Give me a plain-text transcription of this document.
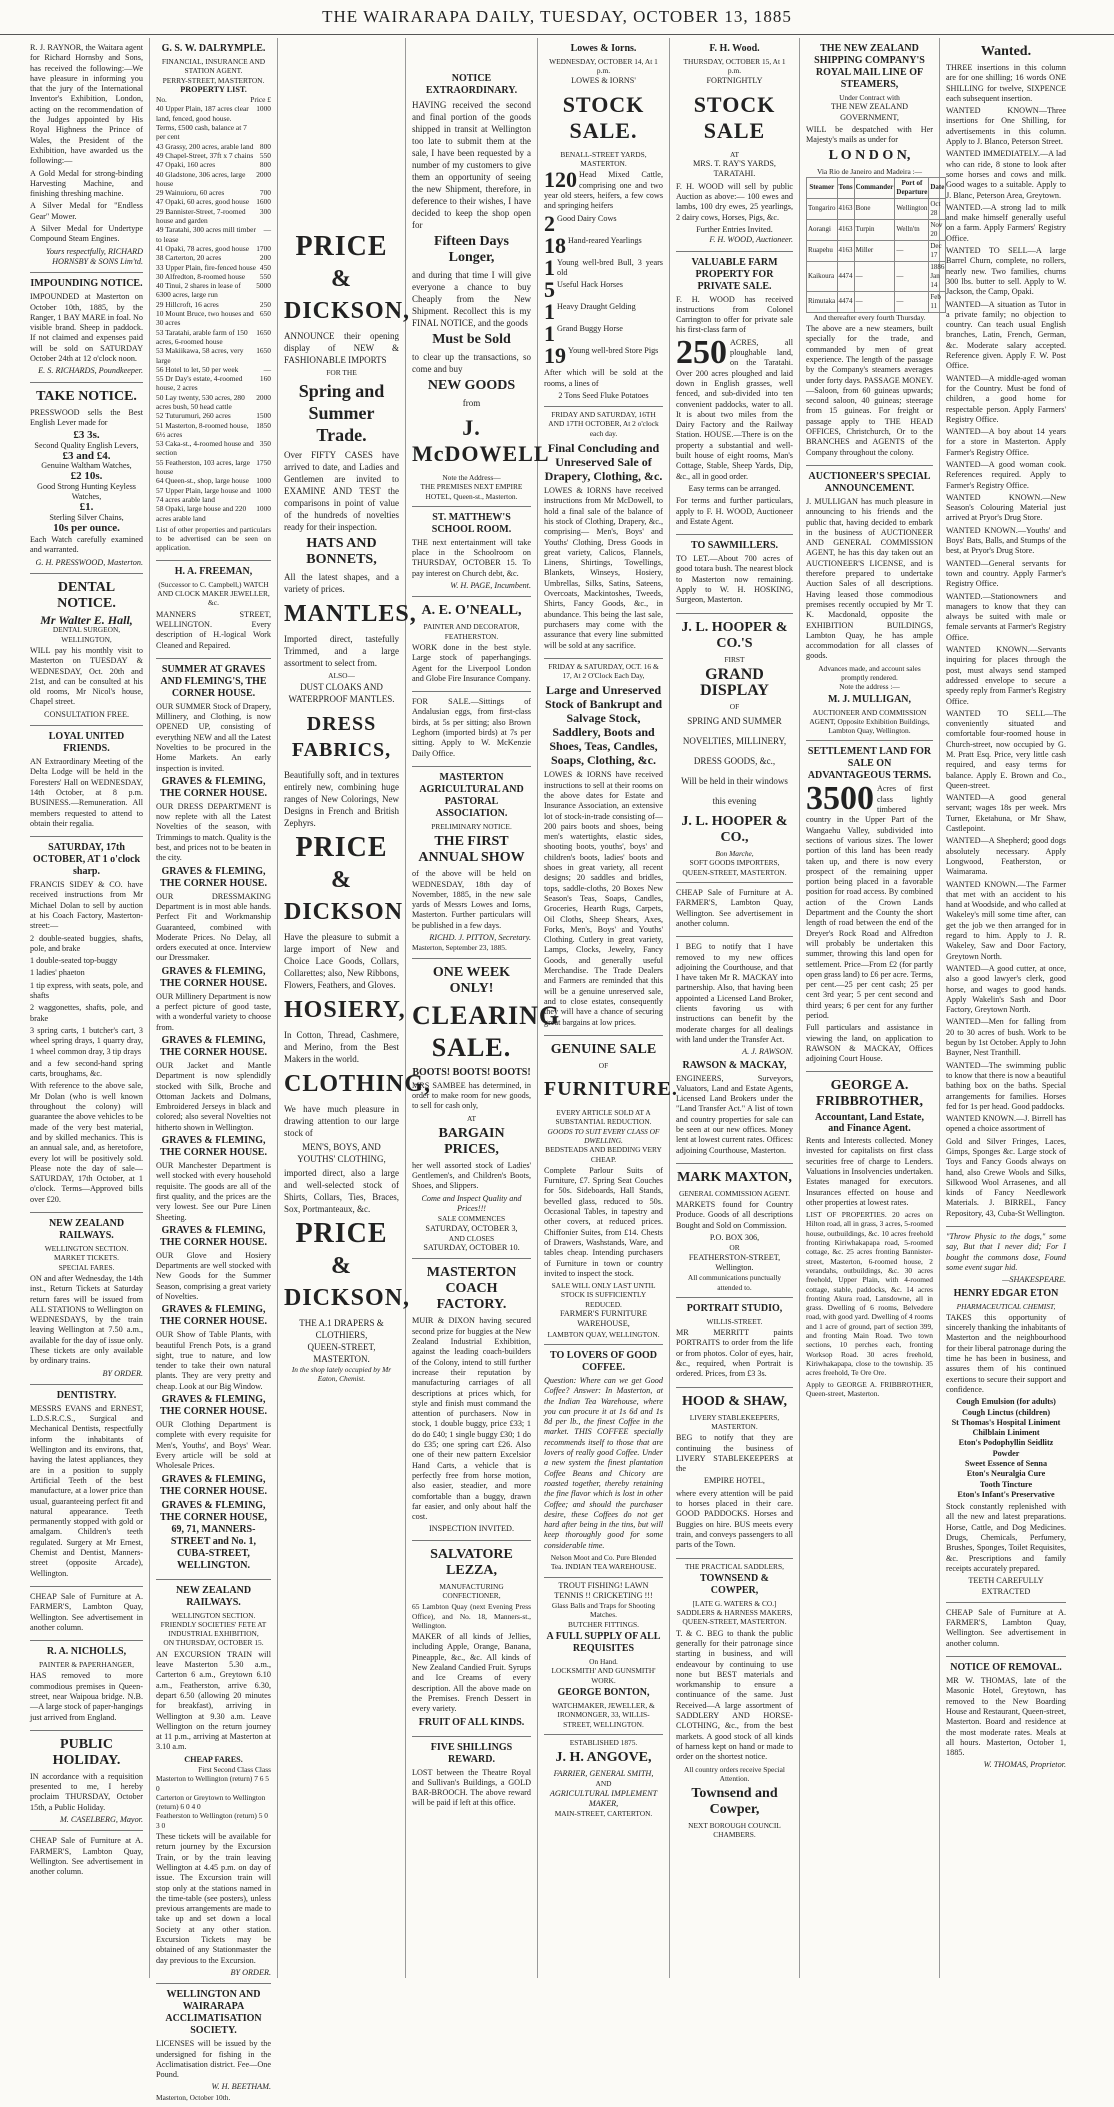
THE WAIRARAPA DAILY, TUESDAY, OCTOBER 13, 1885
R. J. RAYNOR, the Waitara agent for Richard Hornsby and Sons, has received the following:—We have pleasure in informing you that the jury of the International Inventor's Exhibition, London, acting on the recommendation of the Judges appointed by His Royal Highness the Prince of Wales, the President of the Exhibition, have awarded us the following:—
A Gold Medal for strong-binding Harvesting Machine, and finishing threshing machine.
A Silver Medal for "Endless Gear" Mower.
A Silver Medal for Undertype Compound Steam Engines.
Yours respectfully, RICHARD HORNSBY & SONS Lim'td.
IMPOUNDING NOTICE.
IMPOUNDED at Masterton on October 10th, 1885, by the Ranger, 1 BAY MARE in foal. No visible brand. Sheep in paddock. If not claimed and expenses paid will be sold on SATURDAY October 24th at 12 o'clock noon.
E. S. RICHARDS, Poundkeeper.
TAKE NOTICE.
PRESSWOOD sells the Best English Lever made for
£3 3s.
Second Quality English Levers,
£3 and £4.
Genuine Waltham Watches,
£2 10s.
Good Strong Hunting Keyless Watches,
£1.
Sterling Silver Chains,
10s per ounce.
Each Watch carefully examined and warranted.
G. H. PRESSWOOD, Masterton.
DENTAL NOTICE.
Mr Walter E. Hall,
DENTAL SURGEON, WELLINGTON,
WILL pay his monthly visit to Masterton on TUESDAY & WEDNESDAY, Oct. 20th and 21st, and can be consulted at his old rooms, Mr Nicol's house, Chapel street.
CONSULTATION FREE.
LOYAL UNITED FRIENDS.
AN Extraordinary Meeting of the Delta Lodge will be held in the Foresters' Hall on WEDNESDAY, 14th October, at 8 p.m. BUSINESS.—Remuneration. All members requested to attend to obtain their regalia.
SATURDAY, 17th OCTOBER, AT 1 o'clock sharp.
FRANCIS SIDEY & CO. have received instructions from Mr Michael Dolan to sell by auction at his Coach Factory, Masterton-street:—
2 double-seated buggies, shafts, pole, and brake
1 double-seated top-buggy
1 ladies' phaeton
1 tip express, with seats, pole, and shafts
2 waggonettes, shafts, pole, and brake
3 spring carts, 1 butcher's cart, 3 wheel spring drays, 1 quarry dray, 1 wheel common dray, 3 tip drays
and a few second-hand spring carts, broughams, &c.
With reference to the above sale, Mr Dolan (who is well known throughout the colony) will guarantee the above vehicles to be made of the very best material, and by skilled mechanics. This is an annual sale, and, as heretofore, every lot will be positively sold. Please note the day of sale—SATURDAY, 17th October, at 1 o'clock. Terms—Approved bills over £20.
NEW ZEALAND RAILWAYS.
WELLINGTON SECTION.
MARKET TICKETS.
SPECIAL FARES.
ON and after Wednesday, the 14th inst., Return Tickets at Saturday return fares will be issued from ALL STATIONS to Wellington on WEDNESDAYS, by the train leaving Wellington at 7.50 a.m., available for the day of issue only. These tickets are only available by ordinary trains.
BY ORDER.
DENTISTRY.
MESSRS EVANS and ERNEST, L.D.S.R.C.S., Surgical and Mechanical Dentists, respectfully inform the inhabitants of Wellington and its environs, that, having the latest appliances, they are in a position to supply Artificial Teeth of the best manufacture, at a lower price than usual, guaranteeing perfect fit and natural appearance. Teeth permanently stopped with gold or amalgam. Children's teeth regulated. Surgery at Mr Ernest, Chemist and Dentist, Manners-street (opposite Arcade), Wellington.
CHEAP Sale of Furniture at A. FARMER'S, Lambton Quay, Wellington. See advertisement in another column.
R. A. NICHOLLS,
PAINTER & PAPERHANGER,
HAS removed to more commodious premises in Queen-street, near Waipoua bridge. N.B.—A large stock of paper-hangings just arrived from England.
PUBLIC HOLIDAY.
IN accordance with a requisition presented to me, I hereby proclaim THURSDAY, October 15th, a Public Holiday.
M. CASELBERG, Mayor.
CHEAP Sale of Furniture at A. FARMER'S, Lambton Quay, Wellington. See advertisement in another column.
G. S. W. DALRYMPLE.
FINANCIAL, INSURANCE AND STATION AGENT.
PERRY-STREET, MASTERTON.
PROPERTY LIST.
No.	Price £
40 Upper Plain, 187 acres clear land, fenced, good house. Terms, £500 cash, balance at 7 per cent
1000
43 Grassy, 200 acres, arable land 800
49 Chapel-Street, 37ft x 7 chains 550
47 Opaki, 160 acres	800
40 Gladstone, 306 acres, large house
2000
29 Wainuioru, 60 acres	700
47 Opaki, 60 acres, good house 1600
29 Bannister-Street, 7-roomed house and garden
300
49 Taratahi, 300 acres mill timber to lease
—
41 Opaki, 78 acres, good house 1700
38 Carterton, 20 acres	200
33 Upper Plain, fire-fenced house 450
30 Alfredton, 8-roomed house	550
40 Tinui, 2 shares in lease of 6300 acres, large run
5000
29 Hillcroft, 16 acres	250
10 Mount Bruce, two houses and 30 acres
650
53 Taratahi, arable farm of 150 acres, 6-roomed house
1650
53 Makiikawa, 58 acres, very large
1650
56 Hotel to let, 50 per week	—
55 Dr Day's estate, 4-roomed house, 2 acres
160
50 Lay twenty, 530 acres, 280 acres bush, 50 head cattle
2000
52 Tuturumuri, 260 acres	1500
51 Masterton, 8-roomed house, 6½ acres
1850
53 Caka-st., 4-roomed house and section
350
55 Featherston, 103 acres, large house
1750
64 Queen-st., shop, large house 1000
57 Upper Plain, large house and 74 acres arable land
1000
58 Opaki, large house and 220 acres arable land
1000
List of other properties and particulars to be advertised can be seen on application.
H. A. FREEMAN,
(Successor to C. Campbell,) WATCH AND CLOCK MAKER JEWELLER, &c.
MANNERS STREET, WELLINGTON. Every description of H.-logical Work Cleaned and Repaired.
SUMMER AT GRAVES AND FLEMING'S, THE CORNER HOUSE.
OUR SUMMER Stock of Drapery, Millinery, and Clothing, is now OPENED UP, consisting of everything NEW and all the Latest Novelties to be procured in the Home Markets. An early inspection is invited.
GRAVES & FLEMING, THE CORNER HOUSE.
OUR DRESS DEPARTMENT is now replete with all the Latest Novelties of the season, with Trimmings to match. Quality is the best, and prices not to be beaten in the city.
GRAVES & FLEMING, THE CORNER HOUSE.
OUR DRESSMAKING Department is in most able hands. Perfect Fit and Workmanship Guaranteed, combined with Moderate Prices. No Delay, all orders executed at once. Interview our Dressmaker.
GRAVES & FLEMING, THE CORNER HOUSE.
OUR Millinery Department is now a perfect picture of good taste, with a wonderful variety to choose from.
GRAVES & FLEMING, THE CORNER HOUSE.
OUR Jacket and Mantle Department is now splendidly stocked with Silk, Broche and Ottoman Jackets and Dolmans, Embroidered Jerseys in black and colored; also several Novelties not hitherto shown in Wellington.
GRAVES & FLEMING, THE CORNER HOUSE.
OUR Manchester Department is well stocked with every household requisite. The goods are all of the first quality, and the prices are the very lowest. See our Pure Linen Sheeting.
GRAVES & FLEMING, THE CORNER HOUSE.
OUR Glove and Hosiery Departments are well stocked with New Goods for the Summer Season, comprising a great variety of Novelties.
GRAVES & FLEMING, THE CORNER HOUSE.
OUR Show of Table Plants, with beautiful French Pots, is a grand sight, true to nature, and low tender to take their own natural plants. They are very pretty and cheap. Look at our Big Window.
GRAVES & FLEMING, THE CORNER HOUSE.
OUR Clothing Department is complete with every requisite for Men's, Youths', and Boys' Wear. Every article will be sold at Wholesale Prices.
GRAVES & FLEMING, THE CORNER HOUSE.
GRAVES & FLEMING, THE CORNER HOUSE, 69, 71, MANNERS-STREET and No. 1, CUBA-STREET, WELLINGTON.
NEW ZEALAND RAILWAYS.
WELLINGTON SECTION.
FRIENDLY SOCIETIES' FETE AT INDUSTRIAL EXHIBITION,
ON THURSDAY, OCTOBER 15.
AN EXCURSION TRAIN will leave Masterton 5.30 a.m., Carterton 6 a.m., Greytown 6.10 a.m., Featherston, arrive 6.30, depart 6.50 (allowing 20 minutes for breakfast), arriving in Wellington at 9.30 a.m. Leave Wellington on the return journey at 11 p.m., arriving at Masterton at 3.10 a.m.
CHEAP FARES.
First Second Class Class
Masterton to Wellington (return) 7 6 5 0
Carterton or Greytown to Wellington (return) 6 0 4 0
Featherston to Wellington (return) 5 0 3 0
These tickets will be available for return journey by the Excursion Train, or by the train leaving Wellington at 4.45 p.m. on day of issue. The Excursion train will stop only at the stations named in the time-table (see posters), unless previous arrangements are made to take up and set down a local Society at any other station. Excursion Tickets may be obtained of any Stationmaster the day previous to the Excursion.
BY ORDER.
WELLINGTON AND WAIRARAPA ACCLIMATISATION SOCIETY.
LICENSES will be issued by the undersigned for fishing in the Acclimatisation district. Fee—One Pound.
W. H. BEETHAM.
Masterton, October 10th.
PRICE
&
DICKSON,
ANNOUNCE their opening display of NEW & FASHIONABLE IMPORTS
FOR THE
Spring and Summer Trade.
Over FIFTY CASES have arrived to date, and Ladies and Gentlemen are invited to EXAMINE AND TEST the comparisons in point of value of the hundreds of novelties ready for their inspection.
HATS AND BONNETS,
All the latest shapes, and a variety of prices.
MANTLES,
Imported direct, tastefully Trimmed, and a large assortment to select from.
ALSO—
DUST CLOAKS AND WATERPROOF MANTLES.
DRESS FABRICS,
Beautifully soft, and in textures entirely new, combining huge ranges of New Colorings, New Designs in French and British Zephyrs.
PRICE
&
DICKSON
Have the pleasure to submit a large import of New and Choice Lace Goods, Collars, Collarettes; also, New Ribbons, Flowers, Feathers, and Gloves.
HOSIERY,
In Cotton, Thread, Cashmere, and Merino, from the Best Makers in the world.
CLOTHING,
We have much pleasure in drawing attention to our large stock of
MEN'S, BOYS, AND YOUTHS' CLOTHING,
imported direct, also a large and well-selected stock of Shirts, Collars, Ties, Braces, Sox, Portmanteaux, &c.
PRICE
&
DICKSON,
THE A.1 DRAPERS & CLOTHIERS,
QUEEN-STREET, MASTERTON.
In the shop lately occupied by Mr Eaton, Chemist.
NOTICE EXTRAORDINARY.
HAVING received the second and final portion of the goods shipped in transit at Wellington too late to submit them at the sale, I have been requested by a number of my customers to give them an opportunity of seeing the new Shipment, therefore, in deference to their wishes, I have decided to keep the shop open for
Fifteen Days Longer,
and during that time I will give everyone a chance to buy Cheaply from the New Shipment. Recollect this is my FINAL NOTICE, and the goods
Must be Sold
to clear up the transactions, so come and buy
NEW GOODS
from
J. McDOWELL
Note the Address—
THE PREMISES NEXT EMPIRE HOTEL, Queen-st., Masterton.
ST. MATTHEW'S SCHOOL ROOM.
THE next entertainment will take place in the Schoolroom on THURSDAY, OCTOBER 15. To pay interest on Church debt, &c.
W. H. PAGE, Incumbent.
A. E. O'NEALL,
PAINTER AND DECORATOR, FEATHERSTON.
WORK done in the best style. Large stock of paperhangings. Agent for the Liverpool London and Globe Fire Insurance Company.
FOR SALE.—Sittings of Andalusian eggs, from first-class birds, at 5s per sitting; also Brown Leghorn (imported birds) at 7s per sitting. Apply to W. McKenzie Daily Office.
MASTERTON AGRICULTURAL AND PASTORAL ASSOCIATION.
PRELIMINARY NOTICE.
THE FIRST ANNUAL SHOW
of the above will be held on WEDNESDAY, 18th day of November, 1885, in the new sale yards of Messrs Lowes and Iorns, Masterton. Further particulars will be published in a few days.
RICHD. J. PITTON, Secretary.
Masterton, September 23, 1885.
ONE WEEK ONLY!
CLEARING
SALE.
BOOTS! BOOTS! BOOTS!
MRS SAMBEE has determined, in order to make room for new goods, to sell for cash only,
AT
BARGAIN PRICES,
her well assorted stock of Ladies' Gentlemen's, and Children's Boots, Shoes, and Slippers.
Come and Inspect Quality and Prices!!!
SALE COMMENCES
SATURDAY, OCTOBER 3,
AND CLOSES
SATURDAY, OCTOBER 10.
MASTERTON COACH FACTORY.
MUIR & DIXON having secured second prize for buggies at the New Zealand Industrial Exhibition, against the leading coach-builders of the Colony, intend to still further increase their reputation by manufacturing carriages of all descriptions at prices which, for style and finish must command the attention of purchasers. Now in stock, 1 double buggy, price £33; 1 do do £40; 1 single buggy £30; 1 do do £35; one spring cart £26. Also one of their new pattern Excelsior Hand Carts, a vehicle that is perfectly free from horse motion, also easier, steadier, and more comfortable than a buggy, drawn far easier, and only about half the cost.
INSPECTION INVITED.
SALVATORE LEZZA,
MANUFACTURING CONFECTIONER,
65 Lambton Quay (next Evening Press Office), and No. 18, Manners-st., Wellington.
MAKER of all kinds of Jellies, including Apple, Orange, Banana, Pineapple, &c., &c. All kinds of New Zealand Candied Fruit. Syrups and Ice Creams of every description. All the above made on the Premises. French Dessert in every variety.
FRUIT OF ALL KINDS.
FIVE SHILLINGS REWARD.
LOST between the Theatre Royal and Sullivan's Buildings, a GOLD BAR-BROOCH. The above reward will be paid if left at this office.
Lowes & Iorns.
WEDNESDAY, OCTOBER 14, At 1 p.m.
LOWES & IORNS'
STOCK SALE.
BENALL-STREET YARDS, MASTERTON.
120 Head Mixed Cattle, comprising one and two year old steers, heifers, a few cows and springing heifers
2 Good Dairy Cows
18 Hand-reared Yearlings
1 Young well-bred Bull, 3 years old
5 Useful Hack Horses
1 Heavy Draught Gelding
1 Grand Buggy Horse
19 Young well-bred Store Pigs
After which will be sold at the rooms, a lines of
2 Tons Seed Fluke Potatoes
FRIDAY AND SATURDAY, 16TH AND 17TH OCTOBER, At 2 o'clock each day.
Final Concluding and Unreserved Sale of Drapery, Clothing, &c.
LOWES & IORNS have received instructions from Mr McDowell, to hold a final sale of the balance of his stock of Clothing, Drapery, &c., comprising— Men's, Boys' and Youths' Clothing, Dress Goods in great variety, Calicos, Flannels, Linens, Shirtings, Towellings, Blankets, Winseys, Hosiery, Umbrellas, Silks, Satins, Sateens, Overcoats, Mackintoshes, Tweeds, Shirts, Fancy Goods, &c., in abundance. This being the last sale, purchasers may come with the assurance that every line submitted will be sold at any sacrifice.
FRIDAY & SATURDAY, OCT. 16 & 17, At 2 O'Clock Each Day,
Large and Unreserved Stock of Bankrupt and Salvage Stock, Saddlery, Boots and Shoes, Teas, Candles, Soaps, Clothing, &c.
LOWES & IORNS have received instructions to sell at their rooms on the above dates for Estate and Insurance Association, an extensive lot of stock-in-trade consisting of— 200 pairs boots and shoes, being men's watertights, elastic sides, shooting boots, youths', boys' and children's boots, ladies' boots and shoes in great variety, all recent designs; 20 saddles and bridles, tops, saddle-cloths, 20 Boxes New Season's Teas, Soaps, Candles, Groceries, Hearth Rugs, Carpets, Oil Cloths, Sheep Shears, Axes, Forks, Men's, Boys' and Youths' Clothing. Cutlery in great variety, Lamps, Clocks, Jewelry, Fancy Goods, and generally useful Merchandise. The Trade Dealers and Farmers are reminded that this will be a genuine unreserved sale, and to close estates, consequently they will have a chance of securing great bargains at low prices.
GENUINE SALE
OF
FURNITURE.
EVERY ARTICLE SOLD AT A SUBSTANTIAL REDUCTION.
GOODS TO SUIT EVERY CLASS OF DWELLING.
BEDSTEADS AND BEDDING VERY CHEAP.
Complete Parlour Suits of Furniture, £7. Spring Seat Couches for 50s. Sideboards, Hall Stands, bevelled glass, reduced to 50s. Occasional Tables, in tapestry and other covers, at reduced prices. Chiffonier Suites, from £14. Chests of Drawers, Washstands, Ware, and tables cheap. Intending purchasers of Furniture in town or country invited to inspect the stock.
SALE WILL ONLY LAST UNTIL STOCK IS SUFFICIENTLY REDUCED.
FARMER'S FURNITURE WAREHOUSE,
LAMBTON QUAY, WELLINGTON.
TO LOVERS OF GOOD COFFEE.
Question: Where can we get Good Coffee? Answer: In Masterton, at the Indian Tea Warehouse, where you can procure it at 1s 6d and 1s 8d per lb., the finest Coffee in the market. THIS COFFEE specially recommends itself to those that are lovers of really good Coffee. Under a new system the finest plantation Coffee Beans and Chicory are roasted together, thereby retaining the fine flavor which is lost in other Coffee; and should the purchaser desire, these Coffees do not get hard after being in the tins, but will keep thoroughly good for some considerable time.
Nelson Moot and Co. Pure Blended Tea. INDIAN TEA WAREHOUSE.
TROUT FISHING! LAWN TENNIS !! CRICKETING !!!
Glass Balls and Traps for Shooting Matches.
BUTCHER FITTINGS.
A FULL SUPPLY OF ALL REQUISITES
On Hand.
LOCKSMITH' AND GUNSMITH' WORK.
GEORGE BONTON,
WATCHMAKER, JEWELLER, & IRONMONGER, 33, WILLIS-STREET, WELLINGTON.
ESTABLISHED 1875.
J. H. ANGOVE,
FARRIER, GENERAL SMITH,
AND
AGRICULTURAL IMPLEMENT MAKER,
MAIN-STREET, CARTERTON.
F. H. Wood.
THURSDAY, OCTOBER 15, At 1 p.m.
FORTNIGHTLY
STOCK SALE
AT
MRS. T. RAY'S YARDS, TARATAHI.
F. H. WOOD will sell by public Auction as above:— 100 ewes and lambs, 100 dry ewes, 25 yearlings, 2 dairy cows, Horses, Pigs, &c.
Further Entries Invited.
F. H. WOOD, Auctioneer.
VALUABLE FARM PROPERTY FOR PRIVATE SALE.
F. H. WOOD has received instructions from Colonel Carrington to offer for private sale his first-class farm of
250 ACRES, all ploughable land, on the Taratahi. Over 200 acres ploughed and laid down in English grasses, well fenced, and sub-divided into ten convenient paddocks, water to all. It is about two miles from the Dairy Factory and the Railway Station. HOUSE.—There is on the property a substantial and well-built house of eight rooms, Man's Cottage, Stable, Sheep Yards, Dip, &c., all in good order.
Easy terms can be arranged.
For terms and further particulars, apply to F. H. WOOD, Auctioneer and Estate Agent.
TO SAWMILLERS.
TO LET.—About 700 acres of good totara bush. The nearest block to Masterton now remaining. Apply to W. H. HOSKING, Surgeon, Masterton.
J. L. HOOPER & CO.'S
FIRST
GRAND DISPLAY
OF
SPRING AND SUMMER NOVELTIES, MILLINERY, DRESS GOODS, &c.,
Will be held in their windows this evening
J. L. HOOPER & CO.,
Bon Marche,
SOFT GOODS IMPORTERS,
QUEEN-STREET, MASTERTON.
CHEAP Sale of Furniture at A. FARMER'S, Lambton Quay, Wellington. See advertisement in another column.
I BEG to notify that I have removed to my new offices adjoining the Courthouse, and that I have taken Mr R. MACKAY into partnership. Also, that having been appointed a Licensed Land Broker, clients favoring us with instructions can benefit by the moderate charges for all dealings with land under the Transfer Act.
A. J. RAWSON.
RAWSON & MACKAY,
ENGINEERS, Surveyors, Valuators, Land and Estate Agents, Licensed Land Brokers under the "Land Transfer Act." A list of town and country properties for sale can be seen at our new offices. Money lent at lowest current rates. Offices: adjoining Courthouse, Masterton.
MARK MAXTON,
GENERAL COMMISSION AGENT.
MARKETS found for Country Produce. Goods of all descriptions Bought and Sold on Commission.
P.O. BOX 306,
OR
FEATHERSTON-STREET, Wellington.
All communications punctually attended to.
PORTRAIT STUDIO,
WILLIS-STREET.
MR MERRITT paints PORTRAITS to order from the life or from photos. Color of eyes, hair, &c., required, when Portrait is ordered. Prices, from £3 3s.
HOOD & SHAW,
LIVERY STABLEKEEPERS, MASTERTON.
BEG to notify that they are continuing the business of LIVERY STABLEKEEPERS at the
EMPIRE HOTEL,
where every attention will be paid to horses placed in their care. GOOD PADDOCKS. Horses and Buggies on hire. BUS meets every train, and conveys passengers to all parts of the Town.
THE PRACTICAL SADDLERS,
TOWNSEND & COWPER,
[LATE G. WATERS & CO.]
SADDLERS & HARNESS MAKERS, QUEEN-STREET, MASTERTON.
T. & C. BEG to thank the public generally for their patronage since starting in business, and will endeavour by continuing to use none but BEST materials and workmanship to ensure a continuance of the same. Just Received—A large assortment of SADDLERY AND HORSE-CLOTHING, &c., from the best markets. A good stock of all kinds of harness kept on hand or made to order on the shortest notice.
All country orders receive Special Attention.
Townsend and Cowper,
NEXT BOROUGH COUNCIL CHAMBERS.
THE NEW ZEALAND SHIPPING COMPANY'S ROYAL MAIL LINE OF STEAMERS,
Under Contract with
THE NEW ZEALAND GOVERNMENT,
WILL be despatched with Her Majesty's mails as under for
L O N D O N,
Via Rio de Janeiro and Madeira :—
Steamer	Tons	Commander	Port of Departure	Date
Tongariro	4163	Bone	Wellington	Oct 28
Aorangi	4163	Turpin	Welln'tn	Nov 20
Ruapehu	4163	Miller	—	Dec 17
Kaikoura	4474	—	—	1886 Jan 14
Rimutaka	4474	—	—	Feb 11
And thereafter every fourth Thursday.
The above are a new steamers, built specially for the trade, and commanded by men of great experience. The length of the passage by the Company's steamers averages under forty days. PASSAGE MONEY.—Saloon, from 60 guineas upwards; second saloon, 40 guineas; steerage from 15 guineas. For freight or passage apply to THE HEAD OFFICES, Christchurch, Or to the BRANCHES and AGENTS of the Company throughout the colony.
AUCTIONEER'S SPECIAL ANNOUNCEMENT.
J. MULLIGAN has much pleasure in announcing to his friends and the public that, having decided to embark in the business of AUCTIONEER AND GENERAL COMMISSION AGENT, he has this day taken out an AUCTIONEER'S LICENSE, and is therefore prepared to undertake Auction Sales of all descriptions. Having leased those commodious premises recently occupied by Mr T. K. Macdonald, opposite the EXHIBITION BUILDINGS, Lambton Quay, he has ample accommodation for all classes of goods.
Advances made, and account sales promptly rendered.
Note the address :—
M. J. MULLIGAN,
AUCTIONEER AND COMMISSION AGENT, Opposite Exhibition Buildings, Lambton Quay, Wellington.
SETTLEMENT LAND FOR SALE ON ADVANTAGEOUS TERMS.
3500 Acres of first class lightly timbered country in the Upper Part of the Wangaehu Valley, subdivided into sections of various sizes. The lower portion of this land has been ready taken up, and there is now every prospect of the remaining upper portion being placed in a favorable position for road access. By combined action of the Crown Lands Department and the County the short length of road between the end of the Dreyer's Rock Road and Alfredton will probably be undertaken this summer, throwing this land open for settlement. Price—From £2 (for partly open grass land) to £6 per acre. Terms, per cent.—25 per cent cash; 25 per cent 3rd year; 5 per cent second and third years; 6 per cent for any further period.
Full particulars and assistance in viewing the land, on application to RAWSON & MACKAY, Offices adjoining Court House.
GEORGE A. FRIBBROTHER,
Accountant, Land Estate, and Finance Agent.
Rents and Interests collected. Money invested for capitalists on first class securities free of charge to Lenders. Valuations in Insolvencies undertaken. Estates managed for executors. Insurances effected on house and other properties at lowest rates.
LIST OF PROPERTIES. 20 acres on Hilton road, all in grass, 3 acres, 5-roomed house, outbuildings, &c. 10 acres freehold fronting Kiriwhakapapa road, 5-roomed cottage, &c. 25 acres fronting Bannister-street, Masterton, 6-roomed house, 2 verandahs, outbuildings, &c. 30 acres freehold, Upper Plain, with 4-roomed cottage, stable, paddocks, &c. 14 acres fronting Akura road, Lansdowne, all in grass. Dwelling of 6 rooms, Belvedere road, with good yard. Dwelling of 4 rooms and 1 acre of ground, part of section 399, and fronting Main Road. Two town sections, 10 perches each, fronting Worksop Road. 30 acres freehold, Kiriwhakapapa, close to the township. 35 acres freehold, Te Ore Ore.
Apply to GEORGE A. FRIBBROTHER, Queen-street, Masterton.
Wanted.
THREE insertions in this column are for one shilling; 16 words ONE SHILLING for twelve, SIXPENCE each subsequent insertion.
WANTED KNOWN—Three insertions for One Shilling, for advertisements in this column. Apply to J. Blanco, Peterson Street.
WANTED IMMEDIATELY.—A lad who can ride, 8 stone to look after some horses and cows and milk. Good wages to a suitable. Apply to J. Blanc, Peterson Area, Greytown.
WANTED.—A strong lad to milk and make himself generally useful on a farm. Apply Farmers' Registry Office.
WANTED TO SELL—A large Barrel Churn, complete, no rollers, nearly new. Two families, churns 300 lbs. butter to sell. Apply to W. Jackson, the Camp, Opaki.
WANTED—A situation as Tutor in a private family; no objection to country. Can teach usual English branches, Latin, French, German, &c. Moderate salary accepted. Reference given. Apply F. W. Post Office.
WANTED—A middle-aged woman for the Country. Must be fond of children, a good home for respectable person. Apply Farmers' Registry Office.
WANTED—A boy about 14 years for a store in Masterton. Apply Farmer's Registry Office.
WANTED—A good woman cook. References required. Apply to Farmer's Registry Office.
WANTED KNOWN.—New Season's Colouring Material just arrived at Pryor's Drug Store.
WANTED KNOWN.—Youths' and Boys' Bats, Balls, and Stumps of the best, at Pryor's Drug Store.
WANTED—General servants for town and country. Apply Farmer's Registry Office.
WANTED.—Stationowners and managers to know that they can always be suited with male or female servants at Farmer's Registry Office.
WANTED KNOWN.—Servants inquiring for places through the post, must always send stamped addressed envelope to secure a speedy reply from Farmer's Registry Office.
WANTED TO SELL—The conveniently situated and comfortable four-roomed house in Church-street, now occupied by G. M. Pratt Esq. Price, very little cash required, and easy terms for balance. Apply E. Brown and Co., Queen-street.
WANTED—A good general servant; wages 18s per week. Mrs Turner, Eketahuna, or Mr Shaw, Castlepoint.
WANTED—A Shepherd; good dogs absolutely necessary. Apply Longwood, Featherston, or Waimarama.
WANTED KNOWN.—The Farmer that met with an accident to his hand at Woodside, and who called at Wakeley's mill some time after, can get the job we then arranged for in regard to him. Apply to J. R. Wakeley, Saw and Door Factory, Greytown North.
WANTED—A good cutter, at once, also a good lawyer's clerk, good horse, and wages to good hands. Apply Wakelin's Sash and Door Factory, Greytown North.
WANTED—Men for falling from 20 to 30 acres of bush. Work to be begun by 1st October. Apply to John Bayner, Nest Tranthill.
WANTED—The swimming public to know that there is now a beautiful bathing box on the baths. Special arrangements for families. Horses fed for 1s per head. Good paddocks.
WANTED KNOWN.—J. Birrell has opened a choice assortment of
Gold and Silver Fringes, Laces, Gimps, Sponges &c. Large stock of Toys and Fancy Goods always on hand, also Crewe Wools and Silks, Silkwood Wool Arrasenes, and all kinds of Fancy Needlework Materials. J. BIRREL, Fancy Repository, 43, Cuba-St Wellington.
"Throw Physic to the dogs," some say, But that I never did; For I bought the commons dose, Found some event sugar hid.
—SHAKESPEARE.
HENRY EDGAR ETON
PHARMACEUTICAL CHEMIST,
TAKES this opportunity of sincerely thanking the inhabitants of Masterton and the neighbourhood for their liberal patronage during the time he has been in business, and assures them of his continued exertions to secure their support and confidence.
Cough Emulsion (for adults)
Cough Linctus (children)
St Thomas's Hospital Liniment
Chilblain Liniment
Eton's Podophyllin Seidlitz Powder
Sweet Essence of Senna
Eton's Neuralgia Cure
Tooth Tincture
Eton's Infant's Preservative
Stock constantly replenished with all the new and latest preparations. Horse, Cattle, and Dog Medicines. Drugs, Chemicals, Perfumery, Brushes, Sponges, Toilet Requisites, &c. Prescriptions and family receipts accurately prepared.
TEETH CAREFULLY EXTRACTED
CHEAP Sale of Furniture at A. FARMER'S, Lambton Quay, Wellington. See advertisement in another column.
NOTICE OF REMOVAL.
MR W. THOMAS, late of the Masonic Hotel, Greytown, has removed to the New Boarding House and Restaurant, Queen-street, Masterton. Board and residence at the most moderate rates. Meals at all hours. Masterton, October 1, 1885.
W. THOMAS, Proprietor.
